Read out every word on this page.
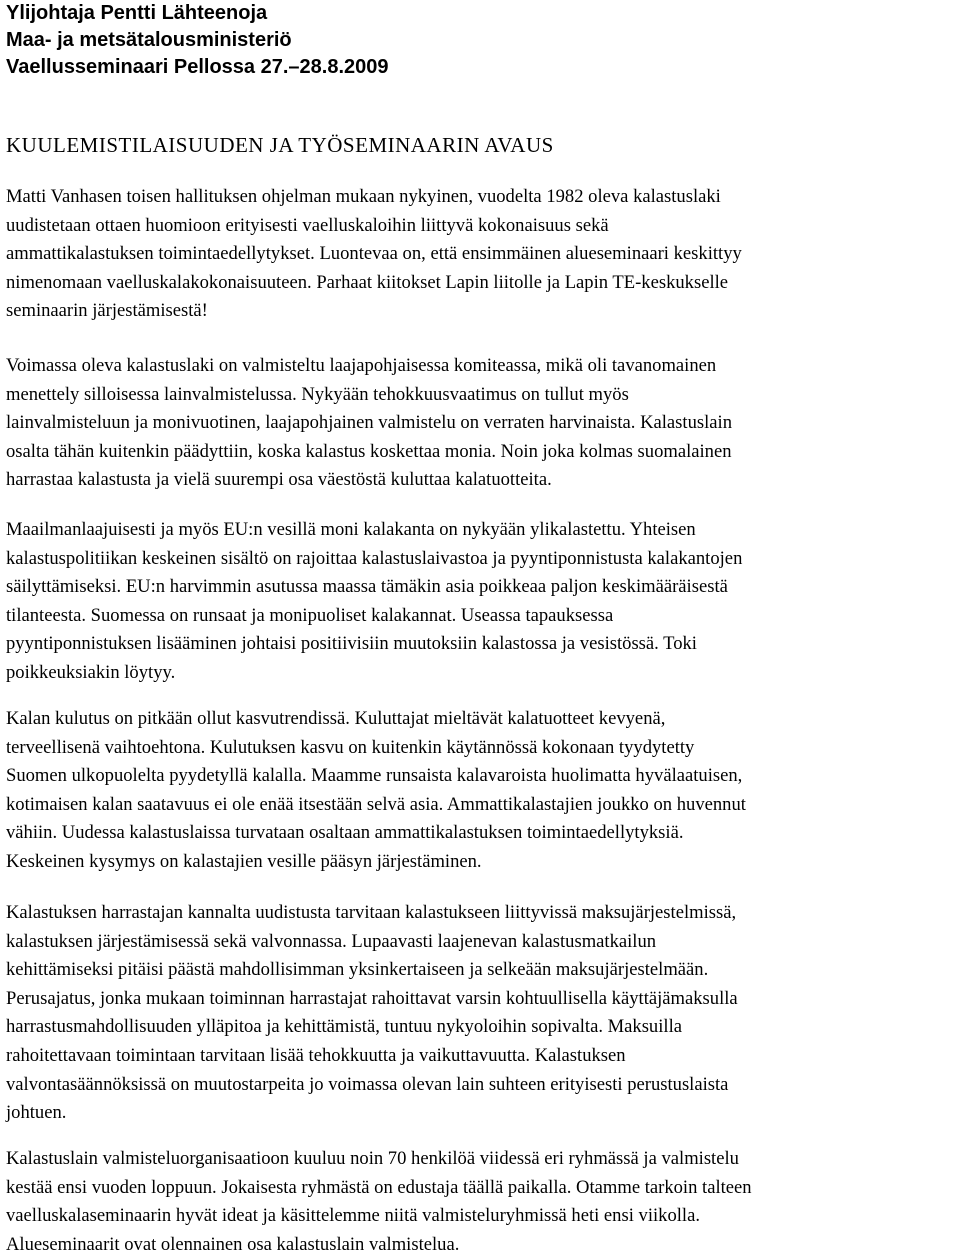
Ylijohtaja Pentti Lähteenoja
Maa- ja metsätalousministeriö
Vaellusseminaari Pellossa 27.–28.8.2009
KUULEMISTILAISUUDEN JA TYÖSEMINAARIN AVAUS
Matti Vanhasen toisen hallituksen ohjelman mukaan nykyinen, vuodelta 1982 oleva kalastuslaki
uudistetaan ottaen huomioon erityisesti vaelluskaloihin liittyvä kokonaisuus sekä
ammattikalastuksen toimintaedellytykset. Luontevaa on, että ensimmäinen alueseminaari keskittyy
nimenomaan vaelluskalakokonaisuuteen. Parhaat kiitokset Lapin liitolle ja Lapin TE-keskukselle
seminaarin järjestämisestä!
Voimassa oleva kalastuslaki on valmisteltu laajapohjaisessa komiteassa, mikä oli tavanomainen
menettely silloisessa lainvalmistelussa. Nykyään tehokkuusvaatimus on tullut myös
lainvalmisteluun ja monivuotinen, laajapohjainen valmistelu on verraten harvinaista. Kalastuslain
osalta tähän kuitenkin päädyttiin, koska kalastus koskettaa monia. Noin joka kolmas suomalainen
harrastaa kalastusta ja vielä suurempi osa väestöstä kuluttaa kalatuotteita.
Maailmanlaajuisesti ja myös EU:n vesillä moni kalakanta on nykyään ylikalastettu. Yhteisen
kalastuspolitiikan keskeinen sisältö on rajoittaa kalastuslaivastoa ja pyyntiponnistusta kalakantojen
säilyttämiseksi. EU:n harvimmin asutussa maassa tämäkin asia poikkeaa paljon keskimääräisestä
tilanteesta. Suomessa on runsaat ja monipuoliset kalakannat. Useassa tapauksessa
pyyntiponnistuksen lisääminen johtaisi positiivisiin muutoksiin kalastossa ja vesistössä. Toki
poikkeuksiakin löytyy.
Kalan kulutus on pitkään ollut kasvutrendissä. Kuluttajat mieltävät kalatuotteet kevyenä,
terveellisenä vaihtoehtona. Kulutuksen kasvu on kuitenkin käytännössä kokonaan tyydytetty
Suomen ulkopuolelta pyydetyllä kalalla. Maamme runsaista kalavaroista huolimatta hyvälaatuisen,
kotimaisen kalan saatavuus ei ole enää itsestään selvä asia. Ammattikalastajien joukko on huvennut
vähiin. Uudessa kalastuslaissa turvataan osaltaan ammattikalastuksen toimintaedellytyksiä.
Keskeinen kysymys on kalastajien vesille pääsyn järjestäminen.
Kalastuksen harrastajan kannalta uudistusta tarvitaan kalastukseen liittyvissä maksujärjestelmissä,
kalastuksen järjestämisessä sekä valvonnassa. Lupaavasti laajenevan kalastusmatkailun
kehittämiseksi pitäisi päästä mahdollisimman yksinkertaiseen ja selkeään maksujärjestelmään.
Perusajatus, jonka mukaan toiminnan harrastajat rahoittavat varsin kohtuullisella käyttäjämaksulla
harrastusmahdollisuuden ylläpitoa ja kehittämistä, tuntuu nykyoloihin sopivalta. Maksuilla
rahoitettavaan toimintaan tarvitaan lisää tehokkuutta ja vaikuttavuutta. Kalastuksen
valvontasäännöksissä on muutostarpeita jo voimassa olevan lain suhteen erityisesti perustuslaista
johtuen.
Kalastuslain valmisteluorganisaatioon kuuluu noin 70 henkilöä viidessä eri ryhmässä ja valmistelu
kestää ensi vuoden loppuun. Jokaisesta ryhmästä on edustaja täällä paikalla. Otamme tarkoin talteen
vaelluskalaseminaarin hyvät ideat ja käsittelemme niitä valmisteluryhmissä heti ensi viikolla.
Alueseminaarit ovat olennainen osa kalastuslain valmistelua.
